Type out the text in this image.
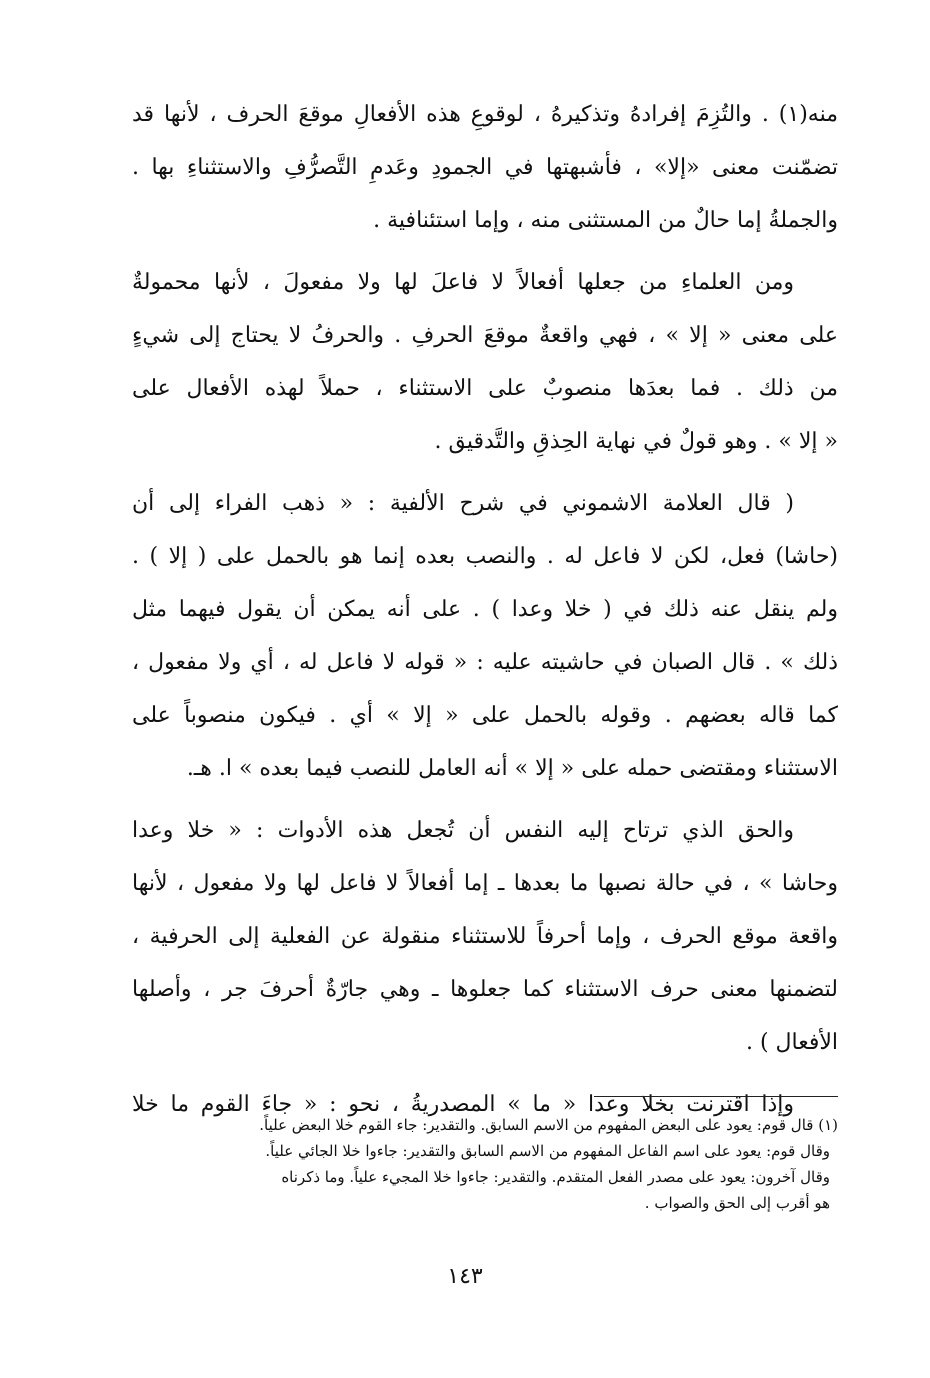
منه(١) . والتُزِمَ إفرادهُ وتذكيرهُ ، لوقوعِ هذه الأفعالِ موقعَ الحرف ، لأنها قد
تضمّنت معنى «إلا» ، فأشبهتها في الجمودِ وعَدمِ التَّصرُّفِ والاستثناءِ بها .
والجملةُ إما حالٌ من المستثنى منه ، وإما استئنافية .
ومن العلماءِ من جعلها أفعالاً لا فاعلَ لها ولا مفعولَ ، لأنها محمولةٌ
على معنى « إلا » ، فهي واقعةٌ موقعَ الحرفِ . والحرفُ لا يحتاج إلى شيءٍ
من ذلك . فما بعدَها منصوبٌ على الاستثناء ، حملاً لهذه الأفعال على
« إلا » . وهو قولٌ في نهاية الحِذقِ والتَّدقيق .
( قال العلامة الاشموني في شرح الألفية : « ذهب الفراء إلى أن
(حاشا) فعل، لكن لا فاعل له . والنصب بعده إنما هو بالحمل على ( إلا ) .
ولم ينقل عنه ذلك في ( خلا وعدا ) . على أنه يمكن أن يقول فيهما مثل
ذلك » . قال الصبان في حاشيته عليه : « قوله لا فاعل له ، أي ولا مفعول ،
كما قاله بعضهم . وقوله بالحمل على « إلا » أي . فيكون منصوباً على
الاستثناء ومقتضى حمله على « إلا » أنه العامل للنصب فيما بعده » ا. هـ.
والحق الذي ترتاح إليه النفس أن تُجعل هذه الأدوات : « خلا وعدا
وحاشا » ، في حالة نصبها ما بعدها ـ إما أفعالاً لا فاعل لها ولا مفعول ، لأنها
واقعة موقع الحرف ، وإما أحرفاً للاستثناء منقولة عن الفعلية إلى الحرفية ،
لتضمنها معنى حرف الاستثناء كما جعلوها ـ وهي جارّةٌ أحرفَ جر ، وأصلها
الأفعال ) .
وإذا اقترنت بخلا وعدا « ما » المصدريةُ ، نحو : « جاءَ القوم ما خلا
(١) قال قوم: يعود على البعض المفهوم من الاسم السابق. والتقدير: جاء القوم خلا البعض علياً.
وقال قوم: يعود على اسم الفاعل المفهوم من الاسم السابق والتقدير: جاءوا خلا الجائي علياً.
وقال آخرون: يعود على مصدر الفعل المتقدم. والتقدير: جاءوا خلا المجيء علياً. وما ذكرناه
هو أقرب إلى الحق والصواب .
١٤٣
